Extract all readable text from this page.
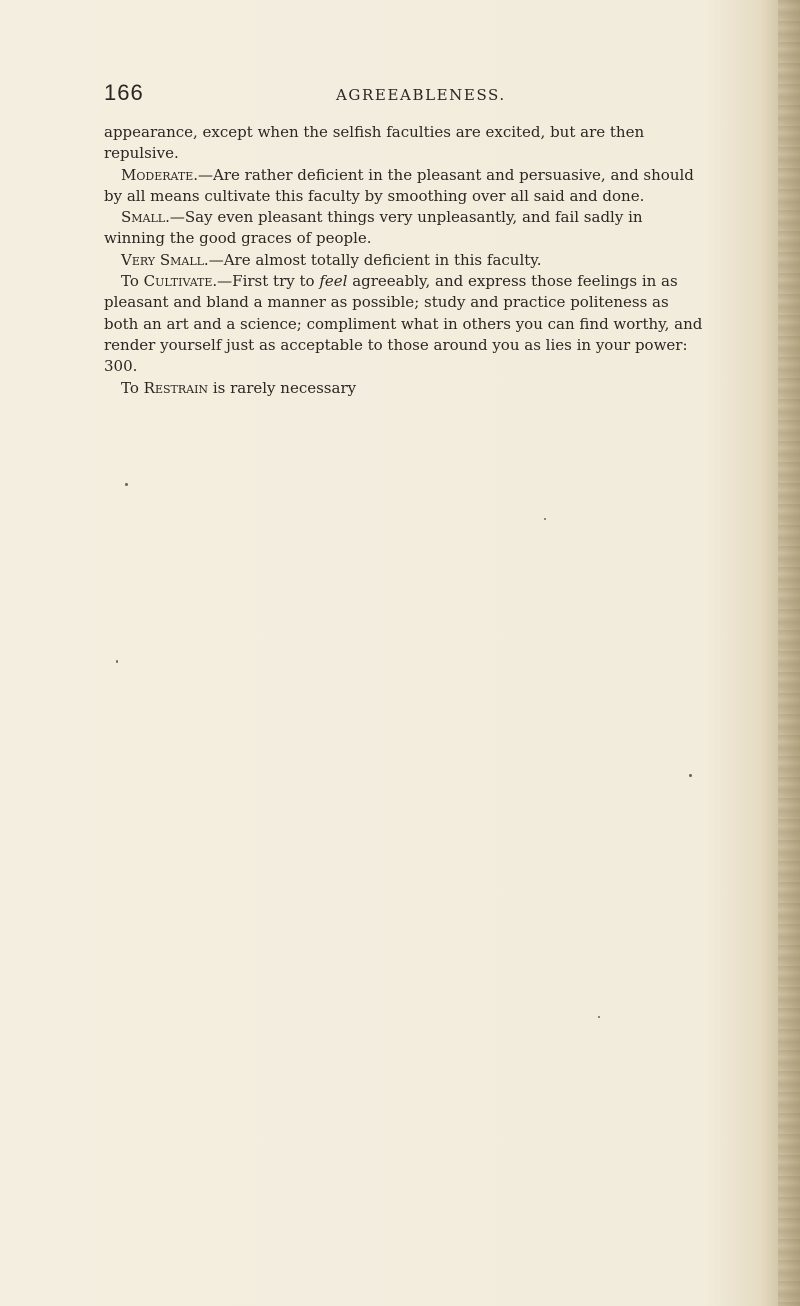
166	AGREEABLENESS.

appearance, except when the selfish faculties are excited, but are then repulsive.

Moderate.—Are rather deficient in the pleasant and persuasive, and should by all means cultivate this faculty by smoothing over all said and done.

Small.—Say even pleasant things very unpleasantly, and fail sadly in winning the good graces of people.

Very Small.—Are almost totally deficient in this faculty.

To Cultivate.—First try to feel agreeably, and express those feelings in as pleasant and bland a manner as possible; study and practice politeness as both an art and a science; compliment what in others you can find worthy, and render yourself just as acceptable to those around you as lies in your power: 300.

To Restrain is rarely necessary
